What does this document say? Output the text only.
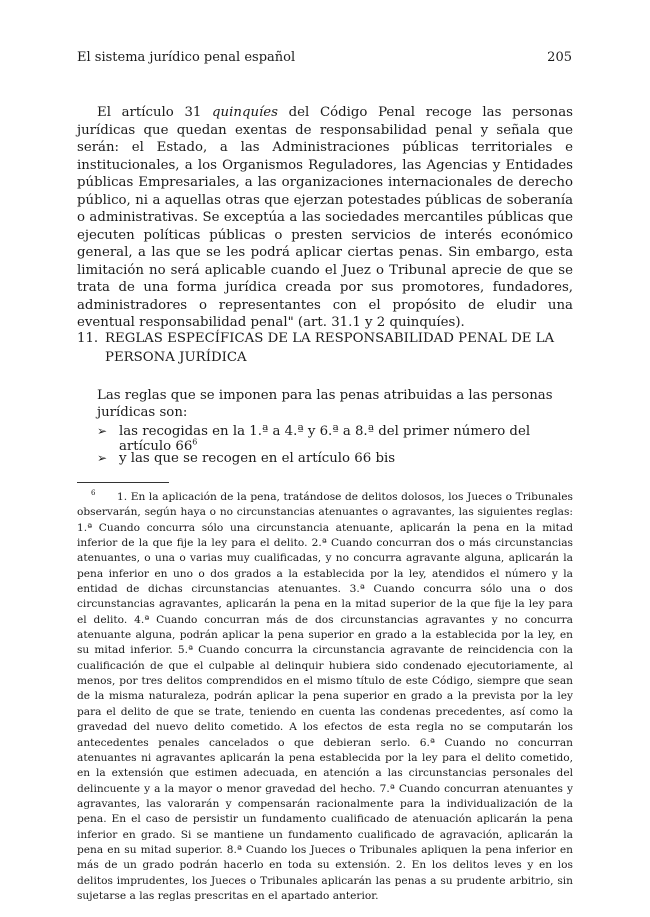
El sistema jurídico penal español	205

El artículo 31 quinquíes del Código Penal recoge las personas jurídicas que quedan exentas de responsabilidad penal y señala que serán: el Estado, a las Administraciones públicas territoriales e institucionales, a los Organismos Reguladores, las Agencias y Entidades públicas Empresariales, a las organizaciones internacionales de derecho público, ni a aquellas otras que ejerzan potestades públicas de soberanía o administrativas. Se exceptúa a las sociedades mercantiles públicas que ejecuten políticas públicas o presten servicios de interés económico general, a las que se les podrá aplicar ciertas penas. Sin embargo, esta limitación no será aplicable cuando el Juez o Tribunal aprecie de que se trata de una forma jurídica creada por sus promotores, fundadores, administradores o representantes con el propósito de eludir una eventual responsabilidad penal" (art. 31.1 y 2 quinquíes).

11. REGLAS ESPECÍFICAS DE LA RESPONSABILIDAD PENAL DE LA PERSONA JURÍDICA
Las reglas que se imponen para las penas atribuidas a las personas jurídicas son:
➢ las recogidas en la 1.ª a 4.ª y 6.ª a 8.ª del primer número del artículo 66$^6$
➢ y las que se recogen en el artículo 66 bis

6 1. En la aplicación de la pena, tratándose de delitos dolosos, los Jueces o Tribunales observarán, según haya o no circunstancias atenuantes o agravantes, las siguientes reglas: 1.ª Cuando concurra sólo una circunstancia atenuante, aplicarán la pena en la mitad inferior de la que fije la ley para el delito. 2.ª Cuando concurran dos o más circunstancias atenuantes, o una o varias muy cualificadas, y no concurra agravante alguna, aplicarán la pena inferior en uno o dos grados a la establecida por la ley, atendidos el número y la entidad de dichas circunstancias atenuantes. 3.ª Cuando concurra sólo una o dos circunstancias agravantes, aplicarán la pena en la mitad superior de la que fije la ley para el delito. 4.ª Cuando concurran más de dos circunstancias agravantes y no concurra atenuante alguna, podrán aplicar la pena superior en grado a la establecida por la ley, en su mitad inferior. 5.ª Cuando concurra la circunstancia agravante de reincidencia con la cualificación de que el culpable al delinquir hubiera sido condenado ejecutoriamente, al menos, por tres delitos comprendidos en el mismo título de este Código, siempre que sean de la misma naturaleza, podrán aplicar la pena superior en grado a la prevista por la ley para el delito de que se trate, teniendo en cuenta las condenas precedentes, así como la gravedad del nuevo delito cometido. A los efectos de esta regla no se computarán los antecedentes penales cancelados o que debieran serlo. 6.ª Cuando no concurran atenuantes ni agravantes aplicarán la pena establecida por la ley para el delito cometido, en la extensión que estimen adecuada, en atención a las circunstancias personales del delincuente y a la mayor o menor gravedad del hecho. 7.ª Cuando concurran atenuantes y agravantes, las valorarán y compensarán racionalmente para la individualización de la pena. En el caso de persistir un fundamento cualificado de atenuación aplicarán la pena inferior en grado. Si se mantiene un fundamento cualificado de agravación, aplicarán la pena en su mitad superior. 8.ª Cuando los Jueces o Tribunales apliquen la pena inferior en más de un grado podrán hacerlo en toda su extensión. 2. En los delitos leves y en los delitos imprudentes, los Jueces o Tribunales aplicarán las penas a su prudente arbitrio, sin sujetarse a las reglas prescritas en el apartado anterior.
